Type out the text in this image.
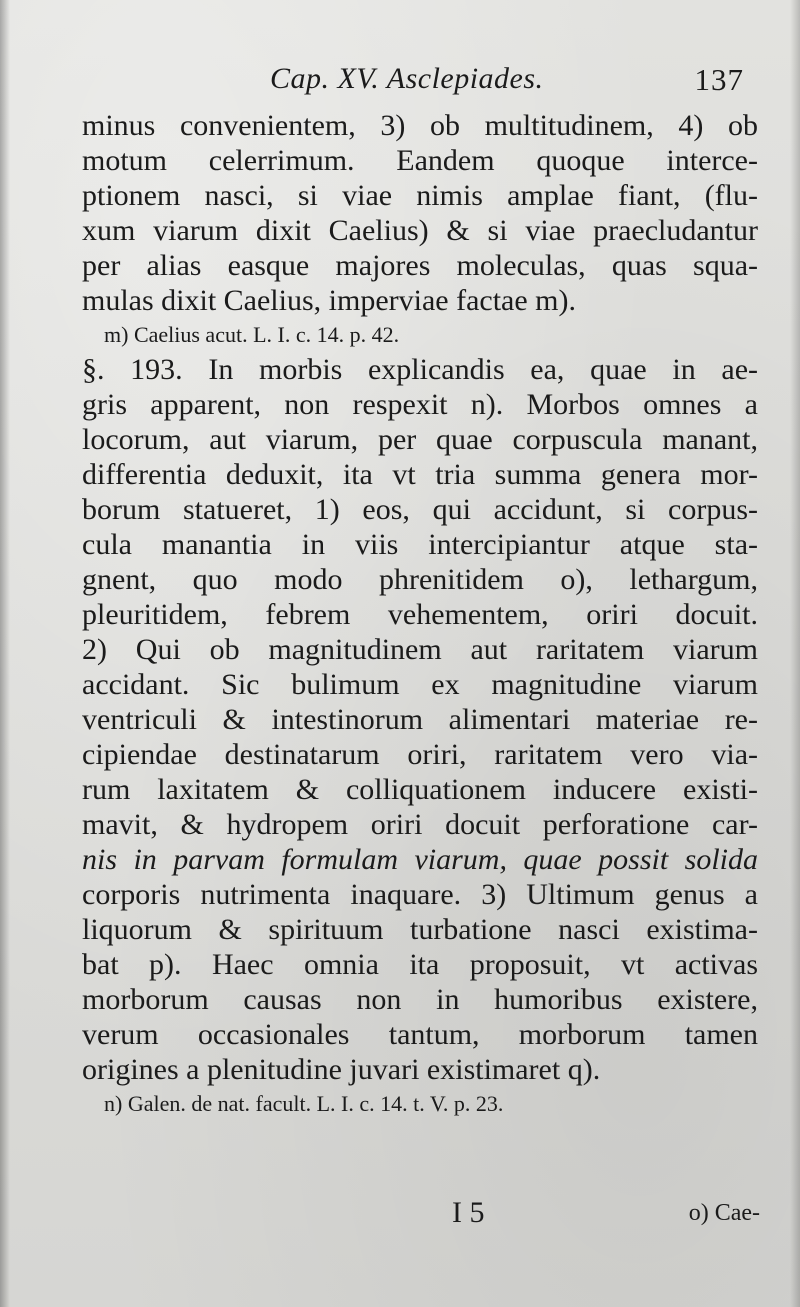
Cap. XV. Asclepiades.	137
minus convenientem, 3) ob multitudinem, 4) ob
motum celerrimum. Eandem quoque interce-
ptionem nasci, si viae nimis amplae fiant, (flu-
xum viarum dixit Caelius) & si viae praecludantur
per alias easque majores moleculas, quas squa-
mulas dixit Caelius, imperviae factae m).
m) Caelius acut. L. I. c. 14. p. 42.
§. 193. In morbis explicandis ea, quae in ae-
gris apparent, non respexit n). Morbos omnes a
locorum, aut viarum, per quae corpuscula manant,
differentia deduxit, ita vt tria summa genera mor-
borum statueret, 1) eos, qui accidunt, si corpus-
cula manantia in viis intercipiantur atque sta-
gnent, quo modo phrenitidem o), lethargum,
pleuritidem, febrem vehementem, oriri docuit.
2) Qui ob magnitudinem aut raritatem viarum
accidant. Sic bulimum ex magnitudine viarum
ventriculi & intestinorum alimentari materiae re-
cipiendae destinatarum oriri, raritatem vero via-
rum laxitatem & colliquationem inducere existi-
mavit, & hydropem oriri docuit perforatione car-
nis in parvam formulam viarum, quae possit solida
corporis nutrimenta inaquare. 3) Ultimum genus a
liquorum & spirituum turbatione nasci existima-
bat p). Haec omnia ita proposuit, vt activas
morborum causas non in humoribus existere,
verum occasionales tantum, morborum tamen
origines a plenitudine juvari existimaret q).
n) Galen. de nat. facult. L. I. c. 14. t. V. p. 23.
I 5	o) Cae-
